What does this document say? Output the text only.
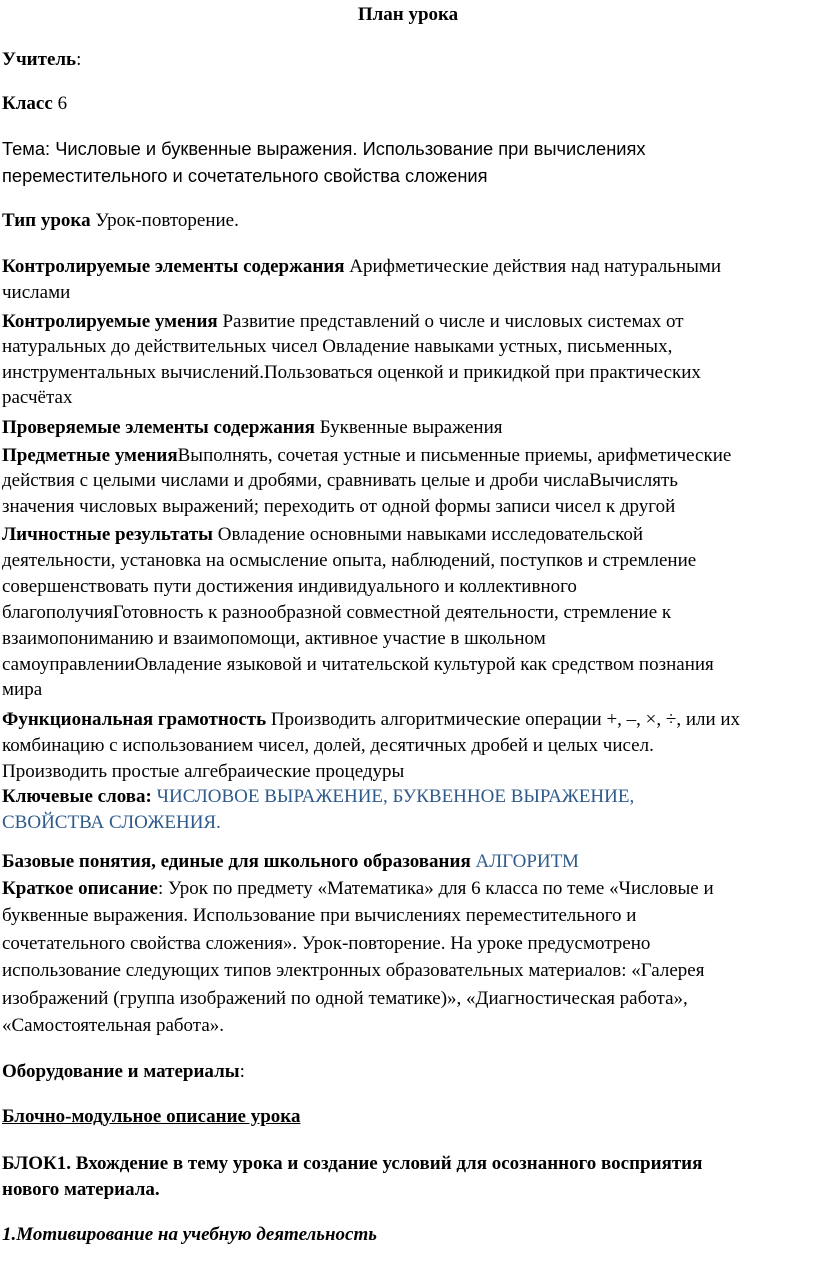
План урока
Учитель:
Класс 6
Тема: Числовые и буквенные выражения. Использование при вычислениях
переместительного и сочетательного свойства сложения
Тип урока Урок-повторение.
Контролируемые элементы содержания Арифметические действия над натуральными
числами
Контролируемые умения Развитие представлений о числе и числовых системах от
натуральных до действительных чисел Овладение навыками устных, письменных,
инструментальных вычислений.Пользоваться оценкой и прикидкой при практических
расчётах
Проверяемые элементы содержания Буквенные выражения
Предметные уменияВыполнять, сочетая устные и письменные приемы, арифметические
действия с целыми числами и дробями, сравнивать целые и дроби числаВычислять
значения числовых выражений; переходить от одной формы записи чисел к другой
Личностные результаты Овладение основными навыками исследовательской
деятельности, установка на осмысление опыта, наблюдений, поступков и стремление
совершенствовать пути достижения индивидуального и коллективного
благополучияГотовность к разнообразной совместной деятельности, стремление к
взаимопониманию и взаимопомощи, активное участие в школьном
самоуправленииОвладение языковой и читательской культурой как средством познания
мира
Функциональная грамотность Производить алгоритмические операции +, –, ×, ÷, или их
комбинацию с использованием чисел, долей, десятичных дробей и целых чисел.
Производить простые алгебраические процедуры
Ключевые слова: ЧИСЛОВОЕ ВЫРАЖЕНИЕ, БУКВЕННОЕ ВЫРАЖЕНИЕ,
СВОЙСТВА СЛОЖЕНИЯ.
Базовые понятия, единые для школьного образования АЛГОРИТМ
Краткое описание: Урок по предмету «Математика» для 6 класса по теме «Числовые и
буквенные выражения. Использование при вычислениях переместительного и
сочетательного свойства сложения». Урок-повторение. На уроке предусмотрено
использование следующих типов электронных образовательных материалов: «Галерея
изображений (группа изображений по одной тематике)», «Диагностическая работа»,
«Самостоятельная работа».
Оборудование и материалы:
Блочно-модульное описание урока
БЛОК1. Вхождение в тему урока и создание условий для осознанного восприятия
нового материала.
1.Мотивирование на учебную деятельность
